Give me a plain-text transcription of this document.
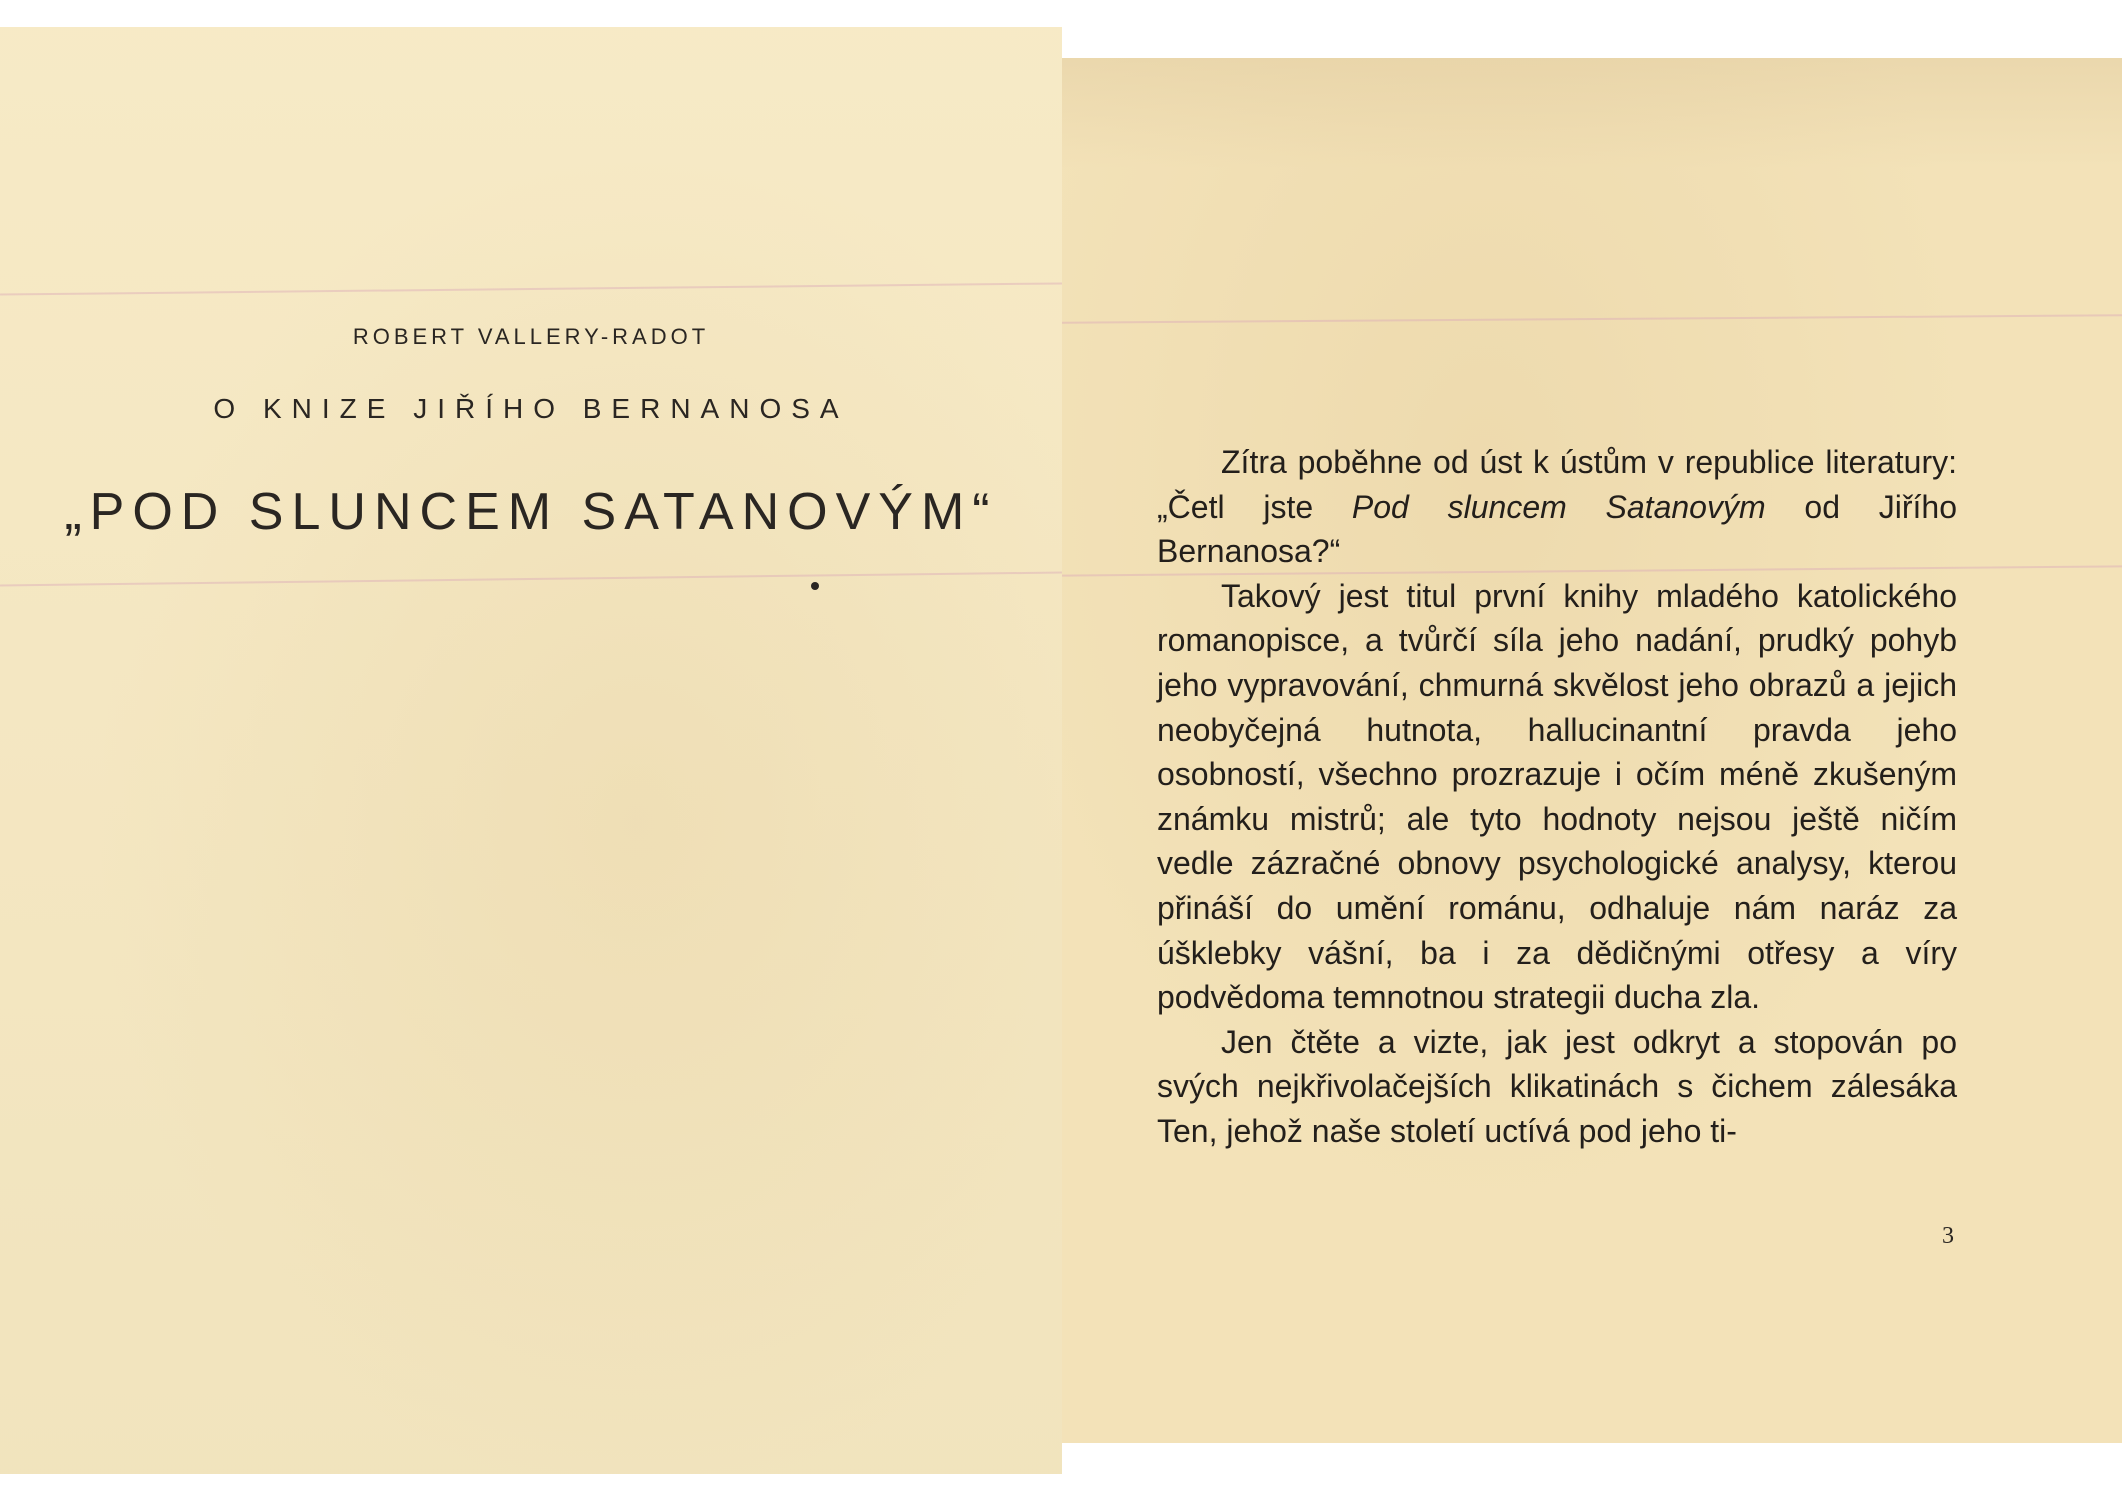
ROBERT VALLERY-RADOT
O KNIZE JIŘÍHO BERNANOSA
„POD SLUNCEM SATANOVÝM“

Zítra poběhne od úst k ústům v republice literatury: „Četl jste Pod sluncem Satanovým od Jiřího Bernanosa?“

Takový jest titul první knihy mladého katolického romanopisce, a tvůrčí síla jeho nadání, prudký pohyb jeho vypravování, chmurná skvělost jeho obrazů a jejich neobyčejná hutnota, hallucinantní pravda jeho osobností, všechno prozrazuje i očím méně zkušeným známku mistrů; ale tyto hodnoty nejsou ještě ničím vedle zázračné obnovy psychologické analysy, kterou přináší do umění románu, odhaluje nám naráz za úšklebky vášní, ba i za dědičnými otřesy a víry podvědoma temnotnou strategii ducha zla.

Jen čtěte a vizte, jak jest odkryt a stopován po svých nejkřivolačejších klikatinách s čichem zálesáka Ten, jehož naše století uctívá pod jeho ti-

3
